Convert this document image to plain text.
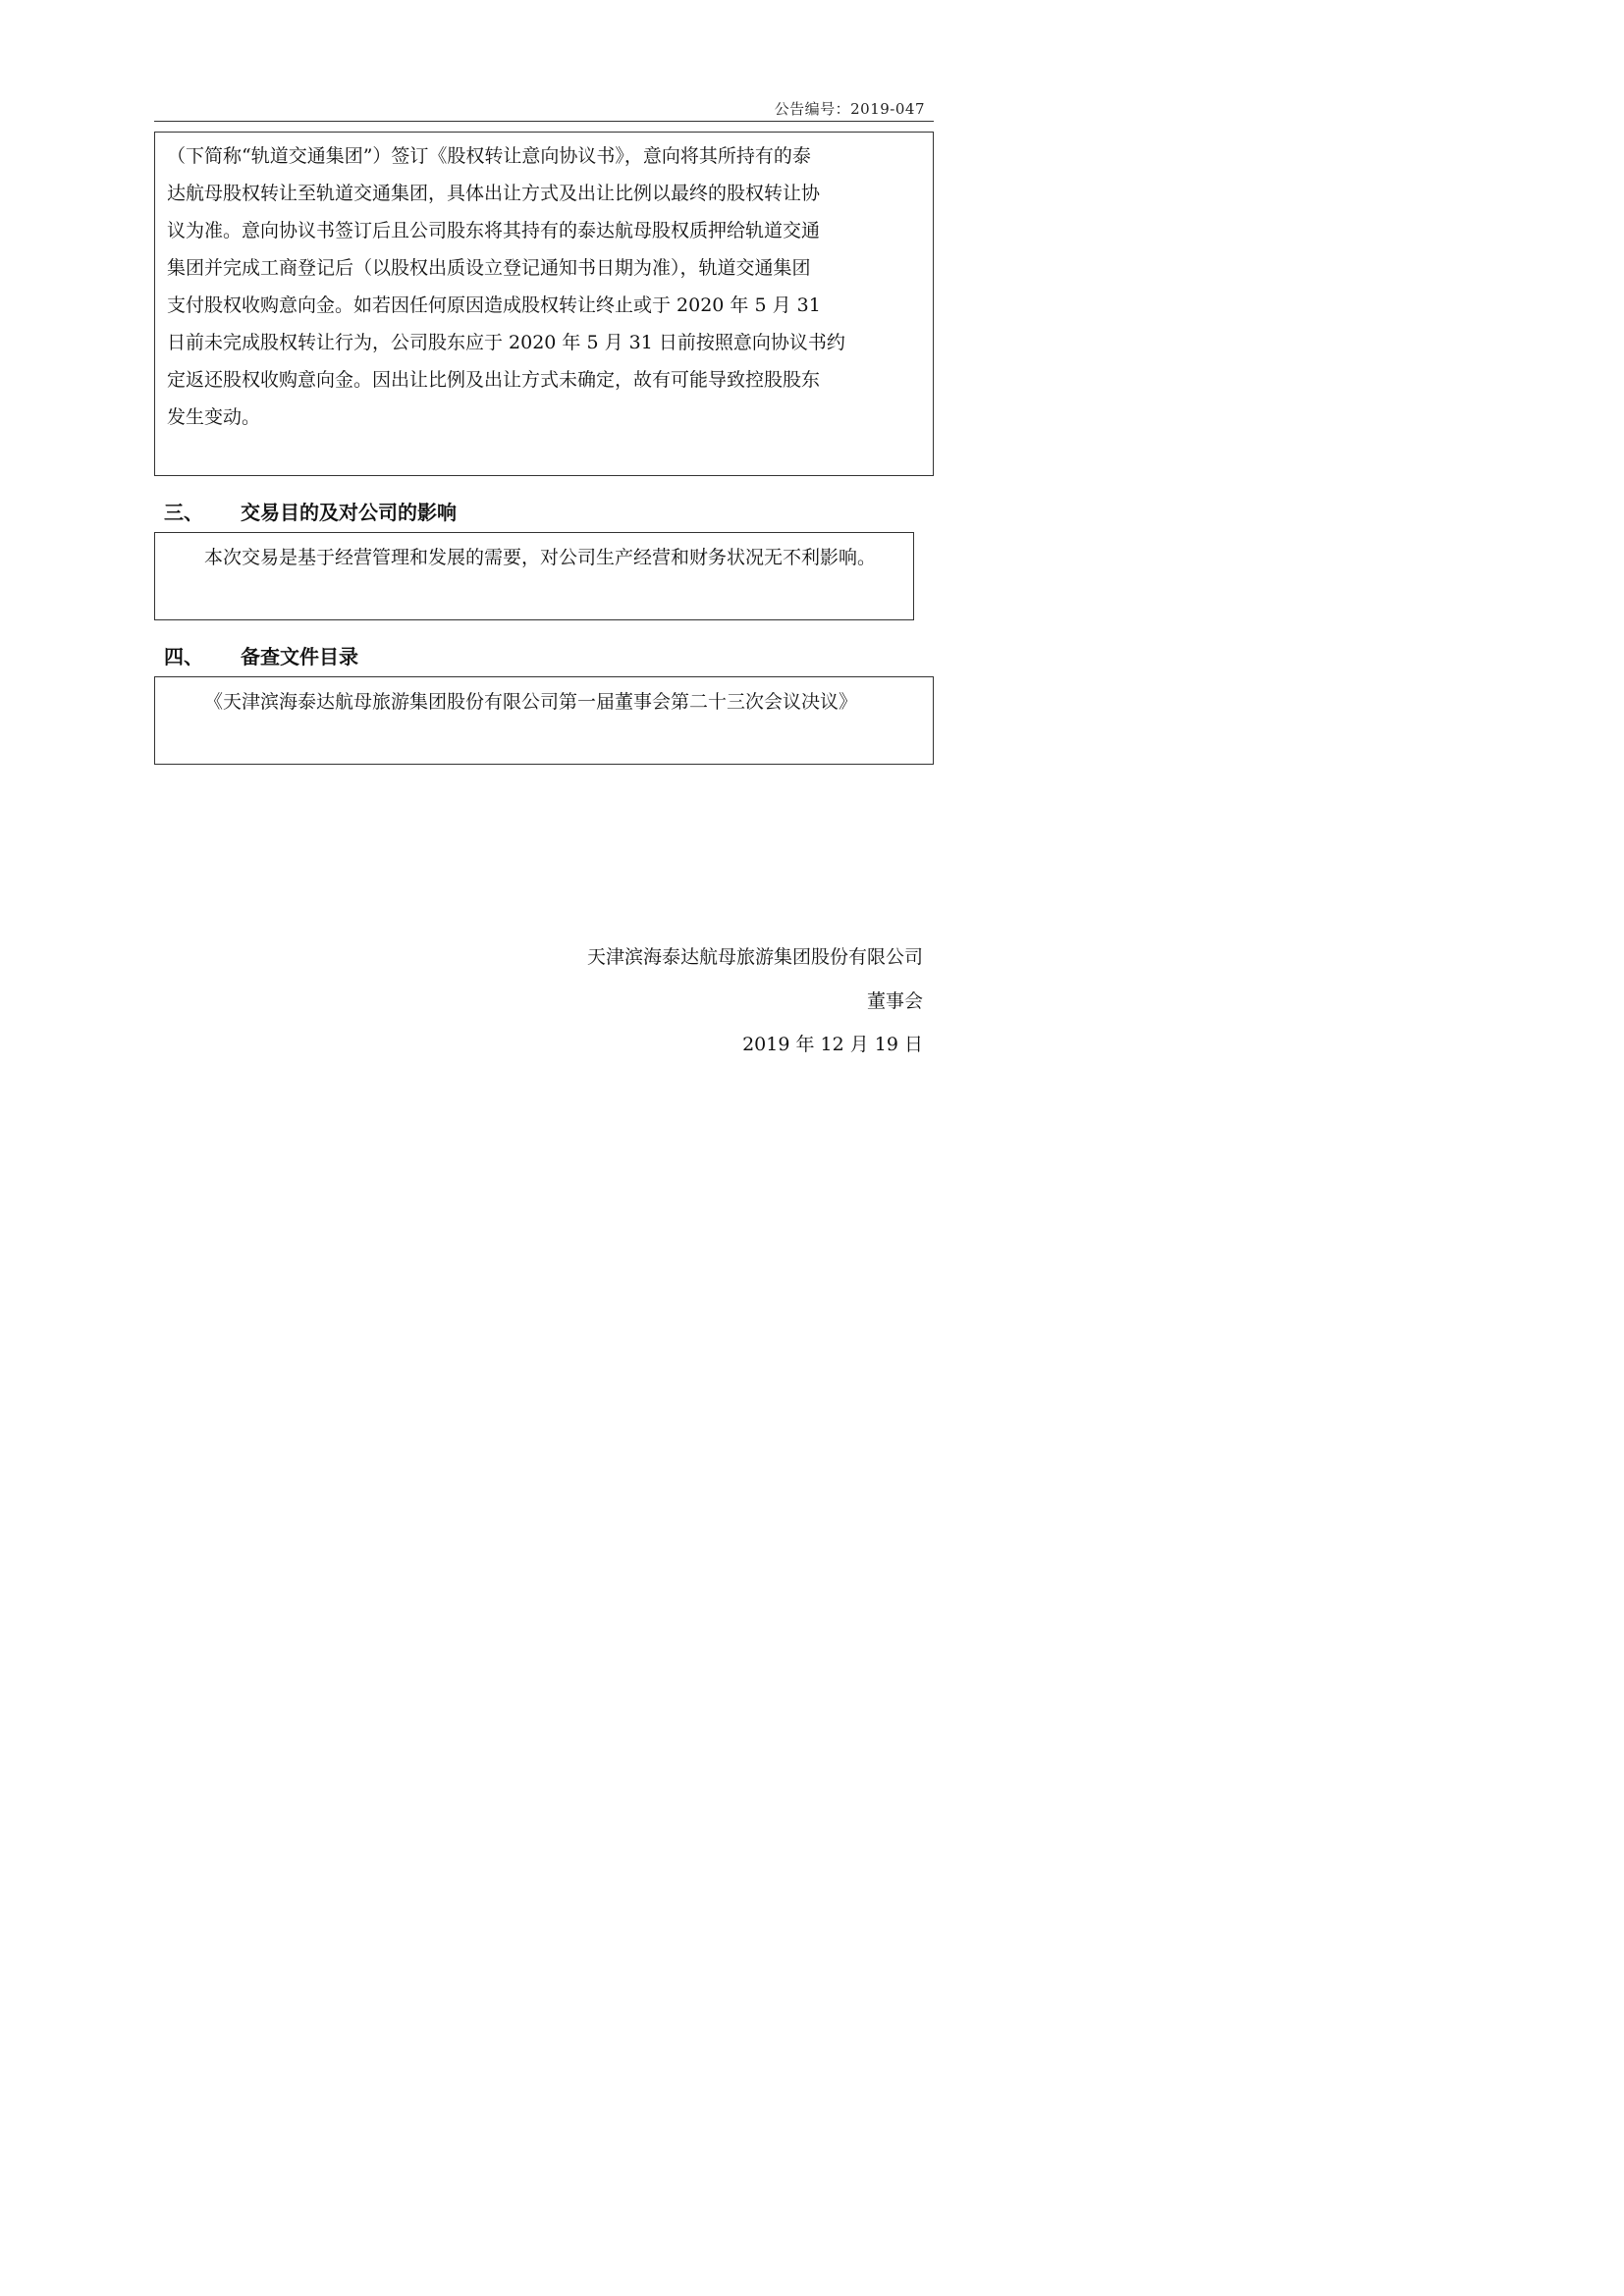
公告编号：2019-047

（下简称“轨道交通集团”）签订《股权转让意向协议书》，意向将其所持有的泰

达航母股权转让至轨道交通集团，具体出让方式及出让比例以最终的股权转让协

议为准。意向协议书签订后且公司股东将其持有的泰达航母股权质押给轨道交通

集团并完成工商登记后（以股权出质设立登记通知书日期为准），轨道交通集团

支付股权收购意向金。如若因任何原因造成股权转让终止或于 2020 年 5 月 31

日前未完成股权转让行为，公司股东应于 2020 年 5 月 31 日前按照意向协议书约

定返还股权收购意向金。因出让比例及出让方式未确定，故有可能导致控股股东

发生变动。

三、 交易目的及对公司的影响

本次交易是基于经营管理和发展的需要，对公司生产经营和财务状况无不利影响。

四、 备查文件目录

《天津滨海泰达航母旅游集团股份有限公司第一届董事会第二十三次会议决议》

天津滨海泰达航母旅游集团股份有限公司
董事会
2019 年 12 月 19 日
